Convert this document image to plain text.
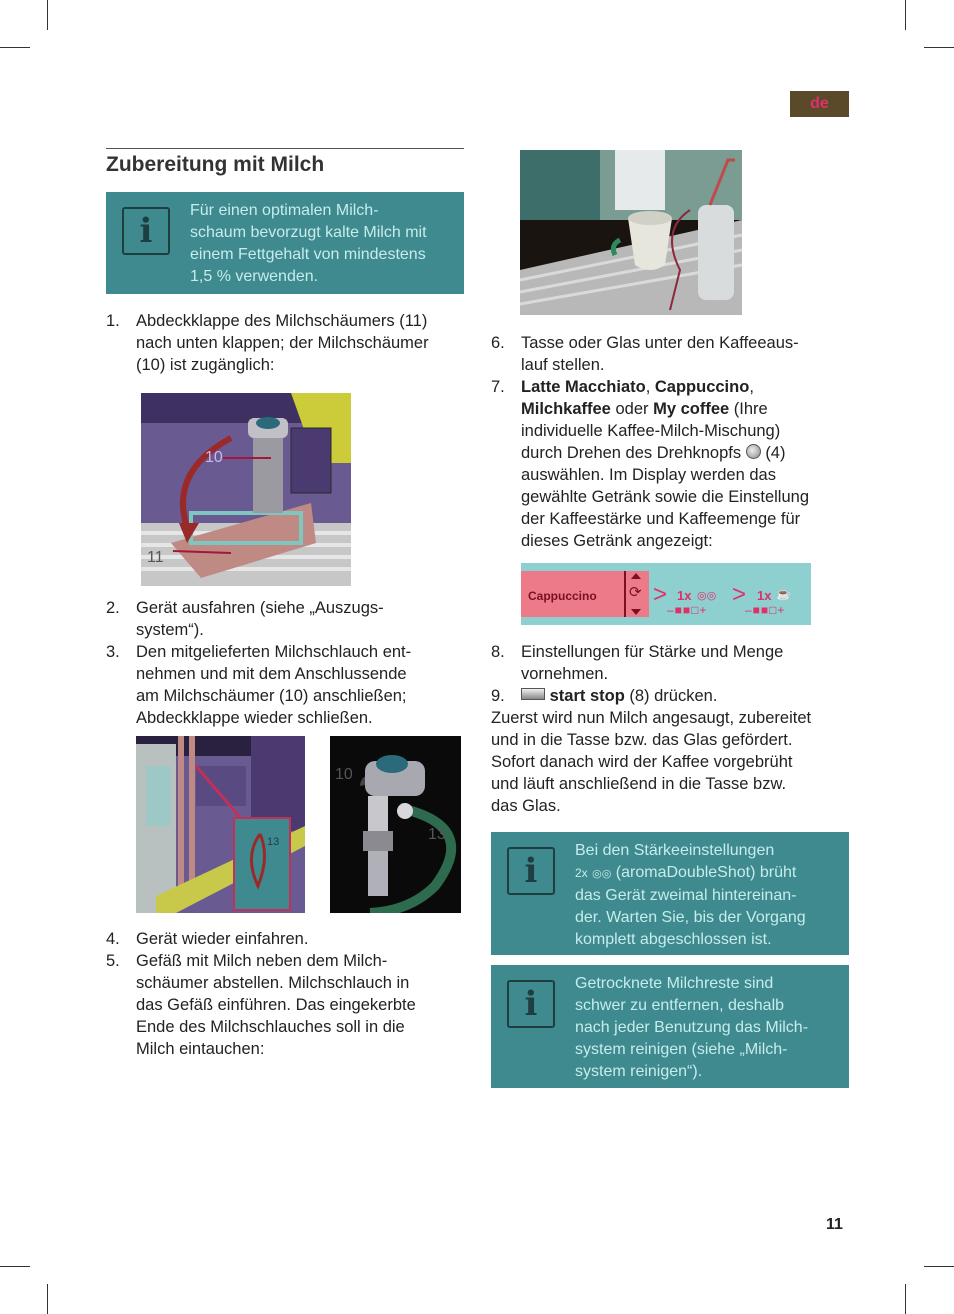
de
Zubereitung mit Milch
i
Für einen optimalen Milch-
schaum bevorzugt kalte Milch mit
einem Fettgehalt von mindestens
1,5 % verwenden.
1. Abdeckklappe des Milchschäumers (11)
nach unten klappen; der Milchschäumer
(10) ist zugänglich:
10
11
2. Gerät ausfahren (siehe „Auszugs-
system“).
3. Den mitgelieferten Milchschlauch ent-
nehmen und mit dem Anschlussende
am Milchschäumer (10) anschließen;
Abdeckklappe wieder schließen.
13
10
13
4. Gerät wieder einfahren.
5. Gefäß mit Milch neben dem Milch-
schäumer abstellen. Milchschlauch in
das Gefäß einführen. Das eingekerbte
Ende des Milchschlauches soll in die
Milch eintauchen:
6. Tasse oder Glas unter den Kaffeeaus-
lauf stellen.
7. Latte Macchiato, Cappuccino,
Milchkaffee oder My coffee (Ihre
individuelle Kaffee-Milch-Mischung)
durch Drehen des Drehknopfs (4)
auswählen. Im Display werden das
gewählte Getränk sowie die Einstellung
der Kaffeestärke und Kaffeemenge für
dieses Getränk angezeigt:
Cappuccino ⟳ > 1x ◎◎
–■■□+
> 1x ☕
–■■□+
8. Einstellungen für Stärke und Menge
vornehmen.
9.	start stop (8) drücken.
Zuerst wird nun Milch angesaugt, zubereitet
und in die Tasse bzw. das Glas gefördert.
Sofort danach wird der Kaffee vorgebrüht
und läuft anschließend in die Tasse bzw.
das Glas.
i
Bei den Stärkeeinstellungen
2x ◎◎ (aromaDoubleShot) brüht
das Gerät zweimal hintereinan-
der. Warten Sie, bis der Vorgang
komplett abgeschlossen ist.
i
Getrocknete Milchreste sind
schwer zu entfernen, deshalb
nach jeder Benutzung das Milch-
system reinigen (siehe „Milch-
system reinigen“).
11
